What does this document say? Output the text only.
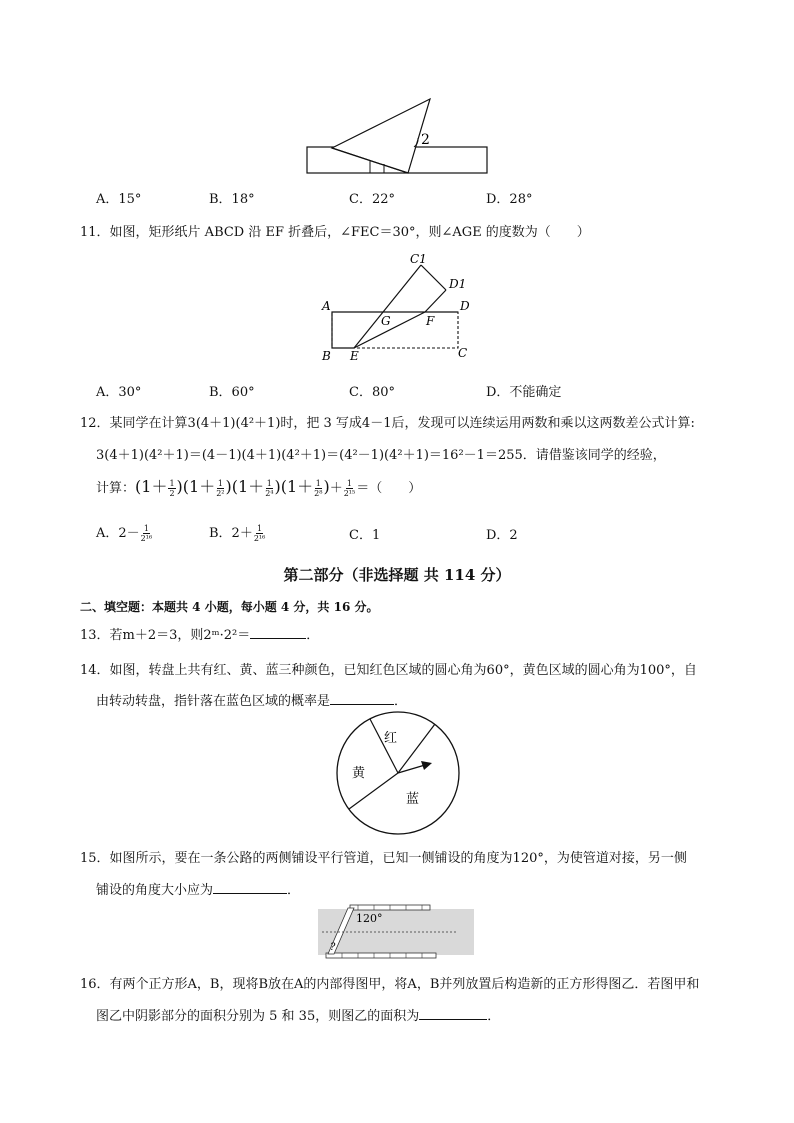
2
A．15°	B．18°	C．22°	D．28°
11．如图，矩形纸片 ABCD 沿 EF 折叠后，∠FEC＝30°，则∠AGE 的度数为（　　）
C1
D1
D
A
G	F
B E	C
A．30°	B．60°	C．80°	D．不能确定
12．某同学在计算3(4＋1)(4²＋1)时，把 3 写成4－1后，发现可以连续运用两数和乘以这两数差公式计算:
3(4＋1)(4²＋1)＝(4－1)(4＋1)(4²＋1)＝(4²－1)(4²＋1)＝16²－1＝255．请借鉴该同学的经验，
计算：$(1+ \frac{1}{2} )(1+ \frac{1}{\text{2²}} )(1+ \frac{1}{\text{2⁴}} )(1+ \frac{1}{\text{2⁸}}$ )＋ $\frac{1}{\text{2¹⁵}}$ ＝（　　）
A．$2- \frac{1}{\text{2¹⁶}}$	B．$2+ \frac{1}{\text{2¹⁶}}$	C．1	D．2
第二部分（非选择题 共 114 分）
二、填空题：本题共 4 小题，每小题 4 分，共 16 分。
13．若m＋2＝3，则2ᵐ·2²＝	．
14．如图，转盘上共有红、黄、蓝三种颜色，已知红色区域的圆心角为60°，黄色区域的圆心角为100°，自
由转动转盘，指针落在蓝色区域的概率是	．
红
黄
蓝
15．如图所示，要在一条公路的两侧铺设平行管道，已知一侧铺设的角度为120°，为使管道对接，另一侧
铺设的角度大小应为	．
120°
?
16．有两个正方形A，B，现将B放在A的内部得图甲，将A，B并列放置后构造新的正方形得图乙．若图甲和
图乙中阴影部分的面积分别为 5 和 35，则图乙的面积为	．
